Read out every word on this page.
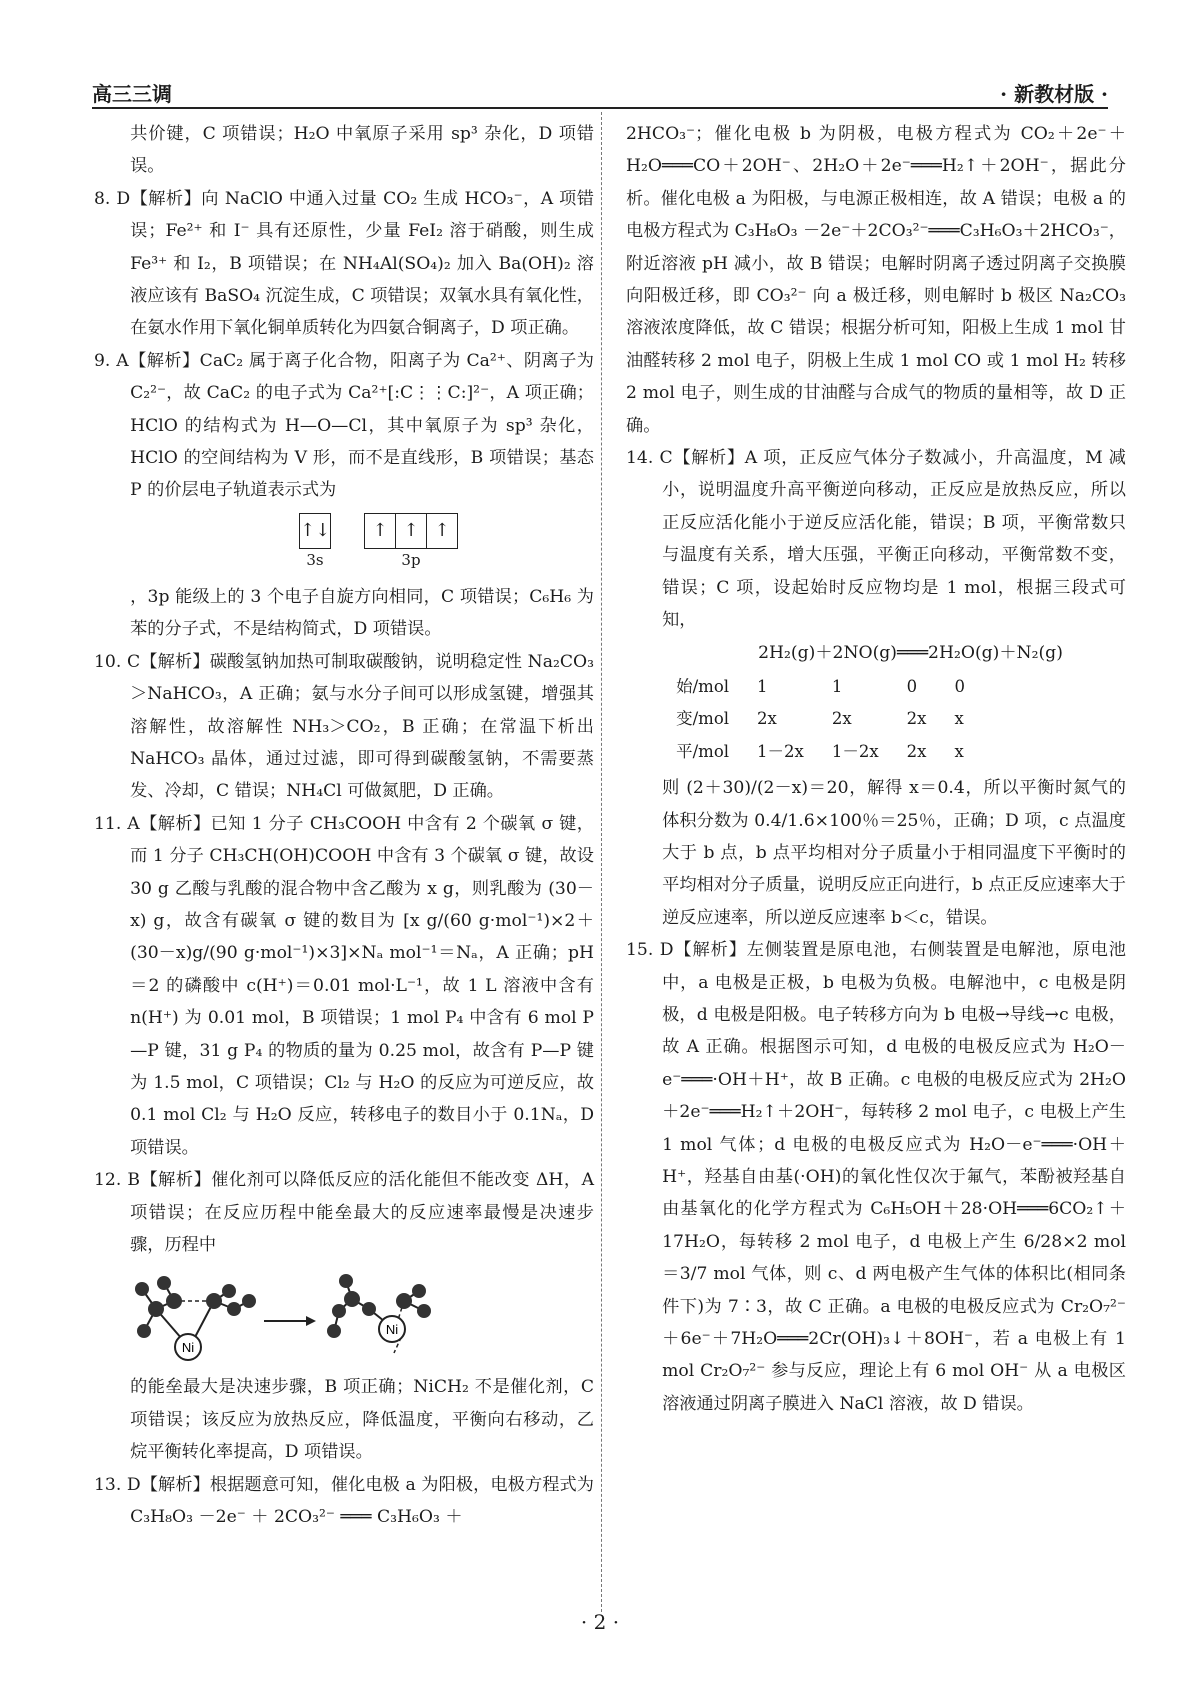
高三三调	· 新教材版 ·

共价键，C 项错误；H₂O 中氧原子采用 sp³ 杂化，D 项错误。

8. D【解析】向 NaClO 中通入过量 CO₂ 生成 HCO₃⁻，A 项错误；Fe²⁺ 和 I⁻ 具有还原性，少量 FeI₂ 溶于硝酸，则生成 Fe³⁺ 和 I₂，B 项错误；在 NH₄Al(SO₄)₂ 加入 Ba(OH)₂ 溶液应该有 BaSO₄ 沉淀生成，C 项错误；双氧水具有氧化性，在氨水作用下氧化铜单质转化为四氨合铜离子，D 项正确。

9. A【解析】CaC₂ 属于离子化合物，阳离子为 Ca²⁺、阴离子为 C₂²⁻，故 CaC₂ 的电子式为 Ca²⁺[:C⋮⋮C:]²⁻，A 项正确；HClO 的结构式为 H—O—Cl，其中氧原子为 sp³ 杂化，HClO 的空间结构为 V 形，而不是直线形，B 项错误；基态 P 的价层电子轨道表示式为

↑↓
3s
↑ ↑ ↑
3p

，3p 能级上的 3 个电子自旋方向相同，C 项错误；C₆H₆ 为苯的分子式，不是结构简式，D 项错误。

10. C【解析】碳酸氢钠加热可制取碳酸钠，说明稳定性 Na₂CO₃＞NaHCO₃，A 正确；氨与水分子间可以形成氢键，增强其溶解性，故溶解性 NH₃＞CO₂，B 正确；在常温下析出 NaHCO₃ 晶体，通过过滤，即可得到碳酸氢钠，不需要蒸发、冷却，C 错误；NH₄Cl 可做氮肥，D 正确。

11. A【解析】已知 1 分子 CH₃COOH 中含有 2 个碳氧 σ 键，而 1 分子 CH₃CH(OH)COOH 中含有 3 个碳氧 σ 键，故设 30 g 乙酸与乳酸的混合物中含乙酸为 x g，则乳酸为 (30－x) g，故含有碳氧 σ 键的数目为 [x g/(60 g·mol⁻¹)×2＋(30－x)g/(90 g·mol⁻¹)×3]×Nₐ mol⁻¹＝Nₐ，A 正确；pH＝2 的磷酸中 c(H⁺)＝0.01 mol·L⁻¹，故 1 L 溶液中含有 n(H⁺) 为 0.01 mol，B 项错误；1 mol P₄ 中含有 6 mol P—P 键，31 g P₄ 的物质的量为 0.25 mol，故含有 P—P 键为 1.5 mol，C 项错误；Cl₂ 与 H₂O 的反应为可逆反应，故 0.1 mol Cl₂ 与 H₂O 反应，转移电子的数目小于 0.1Nₐ，D 项错误。

12. B【解析】催化剂可以降低反应的活化能但不能改变 ΔH，A 项错误；在反应历程中能垒最大的反应速率最慢是决速步骤，历程中

Ni
Ni

的能垒最大是决速步骤，B 项正确；NiCH₂ 不是催化剂，C 项错误；该反应为放热反应，降低温度，平衡向右移动，乙烷平衡转化率提高，D 项错误。

13. D【解析】根据题意可知，催化电极 a 为阳极，电极方程式为 C₃H₈O₃ －2e⁻ ＋ 2CO₃²⁻ ═══ C₃H₆O₃ ＋

2HCO₃⁻；催化电极 b 为阴极，电极方程式为 CO₂＋2e⁻＋H₂O═══CO＋2OH⁻、2H₂O＋2e⁻═══H₂↑＋2OH⁻，据此分析。催化电极 a 为阳极，与电源正极相连，故 A 错误；电极 a 的电极方程式为 C₃H₈O₃ －2e⁻＋2CO₃²⁻═══C₃H₆O₃＋2HCO₃⁻，附近溶液 pH 减小，故 B 错误；电解时阴离子透过阴离子交换膜向阳极迁移，即 CO₃²⁻ 向 a 极迁移，则电解时 b 极区 Na₂CO₃ 溶液浓度降低，故 C 错误；根据分析可知，阳极上生成 1 mol 甘油醛转移 2 mol 电子，阴极上生成 1 mol CO 或 1 mol H₂ 转移 2 mol 电子，则生成的甘油醛与合成气的物质的量相等，故 D 正确。

14. C【解析】A 项，正反应气体分子数减小，升高温度，M 减小，说明温度升高平衡逆向移动，正反应是放热反应，所以正反应活化能小于逆反应活化能，错误；B 项，平衡常数只与温度有关系，增大压强，平衡正向移动，平衡常数不变，错误；C 项，设起始时反应物均是 1 mol，根据三段式可知，

2H₂(g)＋2NO(g)═══2H₂O(g)＋N₂(g)
始/mol	1	1	0	0
变/mol	2x	2x	2x	x
平/mol	1－2x	1－2x	2x	x

则 (2＋30)/(2－x)＝20，解得 x＝0.4，所以平衡时氮气的体积分数为 0.4/1.6×100％＝25％，正确；D 项，c 点温度大于 b 点，b 点平均相对分子质量小于相同温度下平衡时的平均相对分子质量，说明反应正向进行，b 点正反应速率大于逆反应速率，所以逆反应速率 b＜c，错误。

15. D【解析】左侧装置是原电池，右侧装置是电解池，原电池中，a 电极是正极，b 电极为负极。电解池中，c 电极是阴极，d 电极是阳极。电子转移方向为 b 电极→导线→c 电极，故 A 正确。根据图示可知，d 电极的电极反应式为 H₂O－e⁻═══·OH＋H⁺，故 B 正确。c 电极的电极反应式为 2H₂O＋2e⁻═══H₂↑＋2OH⁻，每转移 2 mol 电子，c 电极上产生 1 mol 气体；d 电极的电极反应式为 H₂O－e⁻═══·OH＋H⁺，羟基自由基(·OH)的氧化性仅次于氟气，苯酚被羟基自由基氧化的化学方程式为 C₆H₅OH＋28·OH═══6CO₂↑＋17H₂O，每转移 2 mol 电子，d 电极上产生 6/28×2 mol＝3/7 mol 气体，则 c、d 两电极产生气体的体积比(相同条件下)为 7∶3，故 C 正确。a 电极的电极反应式为 Cr₂O₇²⁻＋6e⁻＋7H₂O═══2Cr(OH)₃↓＋8OH⁻，若 a 电极上有 1 mol Cr₂O₇²⁻ 参与反应，理论上有 6 mol OH⁻ 从 a 电极区溶液通过阴离子膜进入 NaCl 溶液，故 D 错误。

· 2 ·
